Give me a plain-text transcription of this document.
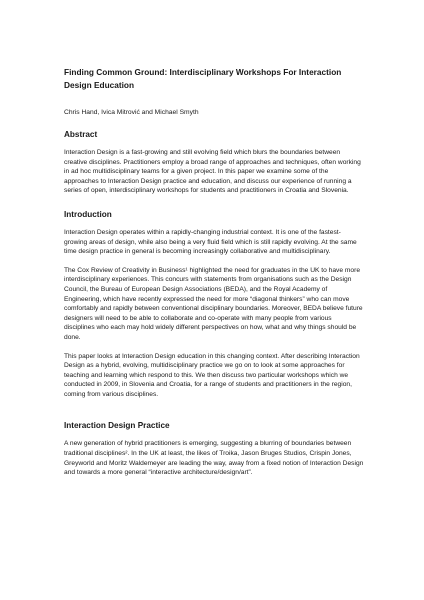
Finding Common Ground: Interdisciplinary Workshops For Interaction Design Education
Chris Hand, Ivica Mitrović and Michael Smyth
Abstract
Interaction Design is a fast-growing and still evolving field which blurs the boundaries between creative disciplines. Practitioners employ a broad range of approaches and techniques, often working in ad hoc multidisciplinary teams for a given project. In this paper we examine some of the approaches to Interaction Design practice and education, and discuss our experience of running a series of open, interdisciplinary workshops for students and practitioners in Croatia and Slovenia.
Introduction
Interaction Design operates within a rapidly-changing industrial context. It is one of the fastest-growing areas of design, while also being a very fluid field which is still rapidly evolving. At the same time design practice in general is becoming increasingly collaborative and multidisciplinary.
The Cox Review of Creativity in Business¹ highlighted the need for graduates in the UK to have more interdisciplinary experiences. This concurs with statements from organisations such as the Design Council, the Bureau of European Design Associations (BEDA), and the Royal Academy of Engineering, which have recently expressed the need for more “diagonal thinkers” who can move comfortably and rapidly between conventional disciplinary boundaries. Moreover, BEDA believe future designers will need to be able to collaborate and co-operate with many people from various disciplines who each may hold widely different perspectives on how, what and why things should be done.
This paper looks at Interaction Design education in this changing context. After describing Interaction Design as a hybrid, evolving, multidisciplinary practice we go on to look at some approaches for teaching and learning which respond to this. We then discuss two particular workshops which we conducted in 2009, in Slovenia and Croatia, for a range of students and practitioners in the region, coming from various disciplines.
Interaction Design Practice
A new generation of hybrid practitioners is emerging, suggesting a blurring of boundaries between traditional disciplines². In the UK at least, the likes of Troika, Jason Bruges Studios, Crispin Jones, Greyworld and Moritz Waldemeyer are leading the way, away from a fixed notion of Interaction Design and towards a more general “interactive architecture/design/art”.
